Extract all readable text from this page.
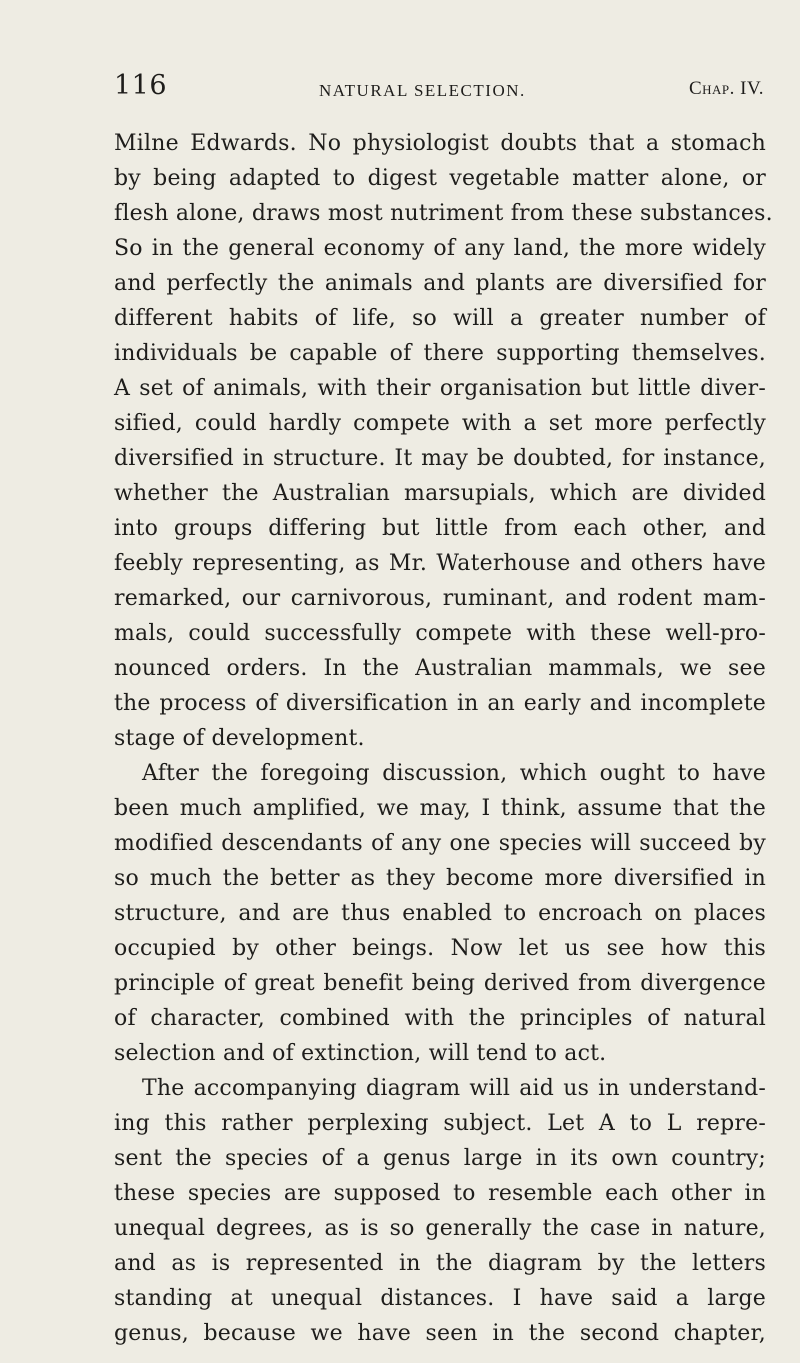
116	NATURAL SELECTION.	Chap. IV.
Milne Edwards. No physiologist doubts that a stomach
by being adapted to digest vegetable matter alone, or
flesh alone, draws most nutriment from these substances.
So in the general economy of any land, the more widely
and perfectly the animals and plants are diversified for
different habits of life, so will a greater number of
individuals be capable of there supporting themselves.
A set of animals, with their organisation but little diver-
sified, could hardly compete with a set more perfectly
diversified in structure. It may be doubted, for instance,
whether the Australian marsupials, which are divided
into groups differing but little from each other, and
feebly representing, as Mr. Waterhouse and others have
remarked, our carnivorous, ruminant, and rodent mam-
mals, could successfully compete with these well-pro-
nounced orders. In the Australian mammals, we see
the process of diversification in an early and incomplete
stage of development.
After the foregoing discussion, which ought to have
been much amplified, we may, I think, assume that the
modified descendants of any one species will succeed by
so much the better as they become more diversified in
structure, and are thus enabled to encroach on places
occupied by other beings. Now let us see how this
principle of great benefit being derived from divergence
of character, combined with the principles of natural
selection and of extinction, will tend to act.
The accompanying diagram will aid us in understand-
ing this rather perplexing subject. Let A to L repre-
sent the species of a genus large in its own country;
these species are supposed to resemble each other in
unequal degrees, as is so generally the case in nature,
and as is represented in the diagram by the letters
standing at unequal distances. I have said a large
genus, because we have seen in the second chapter,
